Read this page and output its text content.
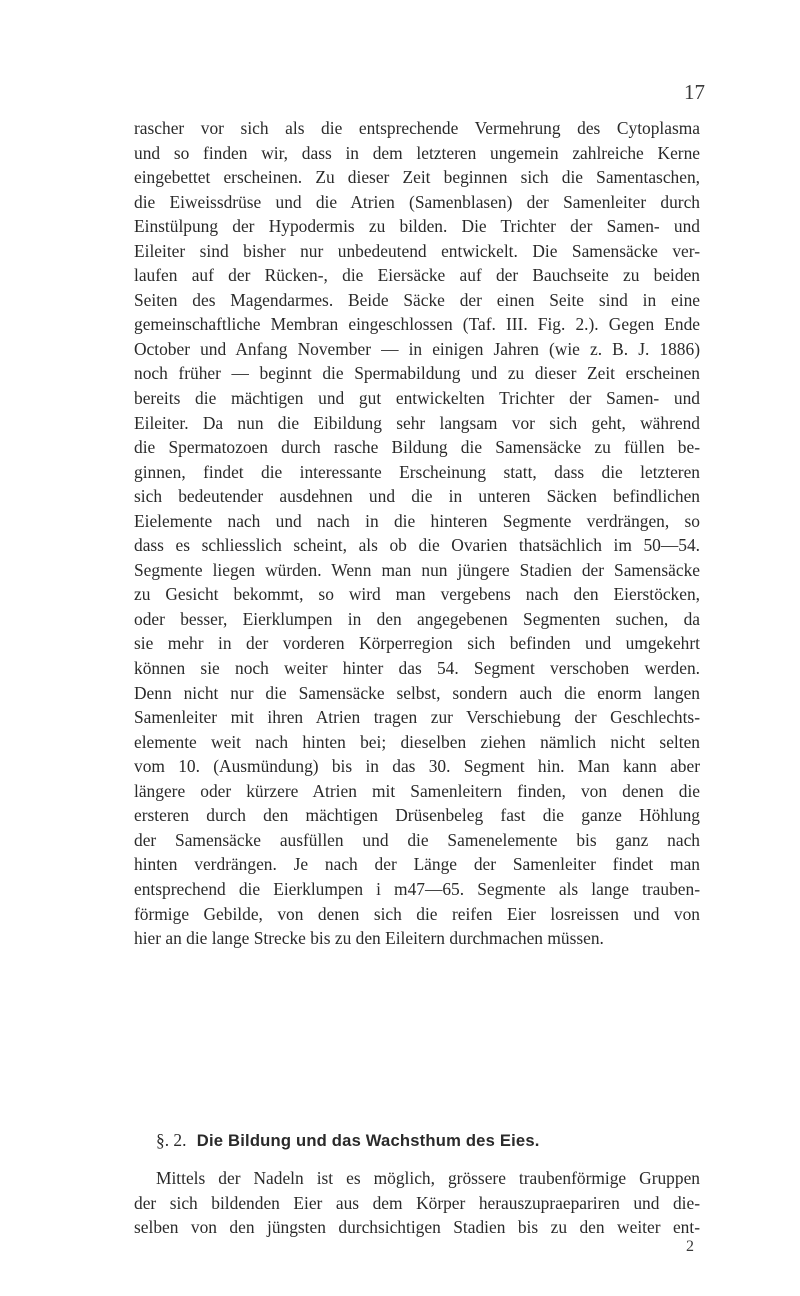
17
rascher vor sich als die entsprechende Vermehrung des Cytoplasma
und so finden wir, dass in dem letzteren ungemein zahlreiche Kerne
eingebettet erscheinen. Zu dieser Zeit beginnen sich die Samentaschen,
die Eiweissdrüse und die Atrien (Samenblasen) der Samenleiter durch
Einstülpung der Hypodermis zu bilden. Die Trichter der Samen- und
Eileiter sind bisher nur unbedeutend entwickelt. Die Samensäcke ver-
laufen auf der Rücken-, die Eiersäcke auf der Bauchseite zu beiden
Seiten des Magendarmes. Beide Säcke der einen Seite sind in eine
gemeinschaftliche Membran eingeschlossen (Taf. III. Fig. 2.). Gegen Ende
October und Anfang November — in einigen Jahren (wie z. B. J. 1886)
noch früher — beginnt die Spermabildung und zu dieser Zeit erscheinen
bereits die mächtigen und gut entwickelten Trichter der Samen- und
Eileiter. Da nun die Eibildung sehr langsam vor sich geht, während
die Spermatozoen durch rasche Bildung die Samensäcke zu füllen be-
ginnen, findet die interessante Erscheinung statt, dass die letzteren
sich bedeutender ausdehnen und die in unteren Säcken befindlichen
Eielemente nach und nach in die hinteren Segmente verdrängen, so
dass es schliesslich scheint, als ob die Ovarien thatsächlich im 50—54.
Segmente liegen würden. Wenn man nun jüngere Stadien der Samensäcke
zu Gesicht bekommt, so wird man vergebens nach den Eierstöcken,
oder besser, Eierklumpen in den angegebenen Segmenten suchen, da
sie mehr in der vorderen Körperregion sich befinden und umgekehrt
können sie noch weiter hinter das 54. Segment verschoben werden.
Denn nicht nur die Samensäcke selbst, sondern auch die enorm langen
Samenleiter mit ihren Atrien tragen zur Verschiebung der Geschlechts-
elemente weit nach hinten bei; dieselben ziehen nämlich nicht selten
vom 10. (Ausmündung) bis in das 30. Segment hin. Man kann aber
längere oder kürzere Atrien mit Samenleitern finden, von denen die
ersteren durch den mächtigen Drüsenbeleg fast die ganze Höhlung
der Samensäcke ausfüllen und die Samenelemente bis ganz nach
hinten verdrängen. Je nach der Länge der Samenleiter findet man
entsprechend die Eierklumpen i m47—65. Segmente als lange trauben-
förmige Gebilde, von denen sich die reifen Eier losreissen und von
hier an die lange Strecke bis zu den Eileitern durchmachen müssen.
§. 2. Die Bildung und das Wachsthum des Eies.
Mittels der Nadeln ist es möglich, grössere traubenförmige Gruppen
der sich bildenden Eier aus dem Körper herauszupraepariren und die-
selben von den jüngsten durchsichtigen Stadien bis zu den weiter ent-
2
